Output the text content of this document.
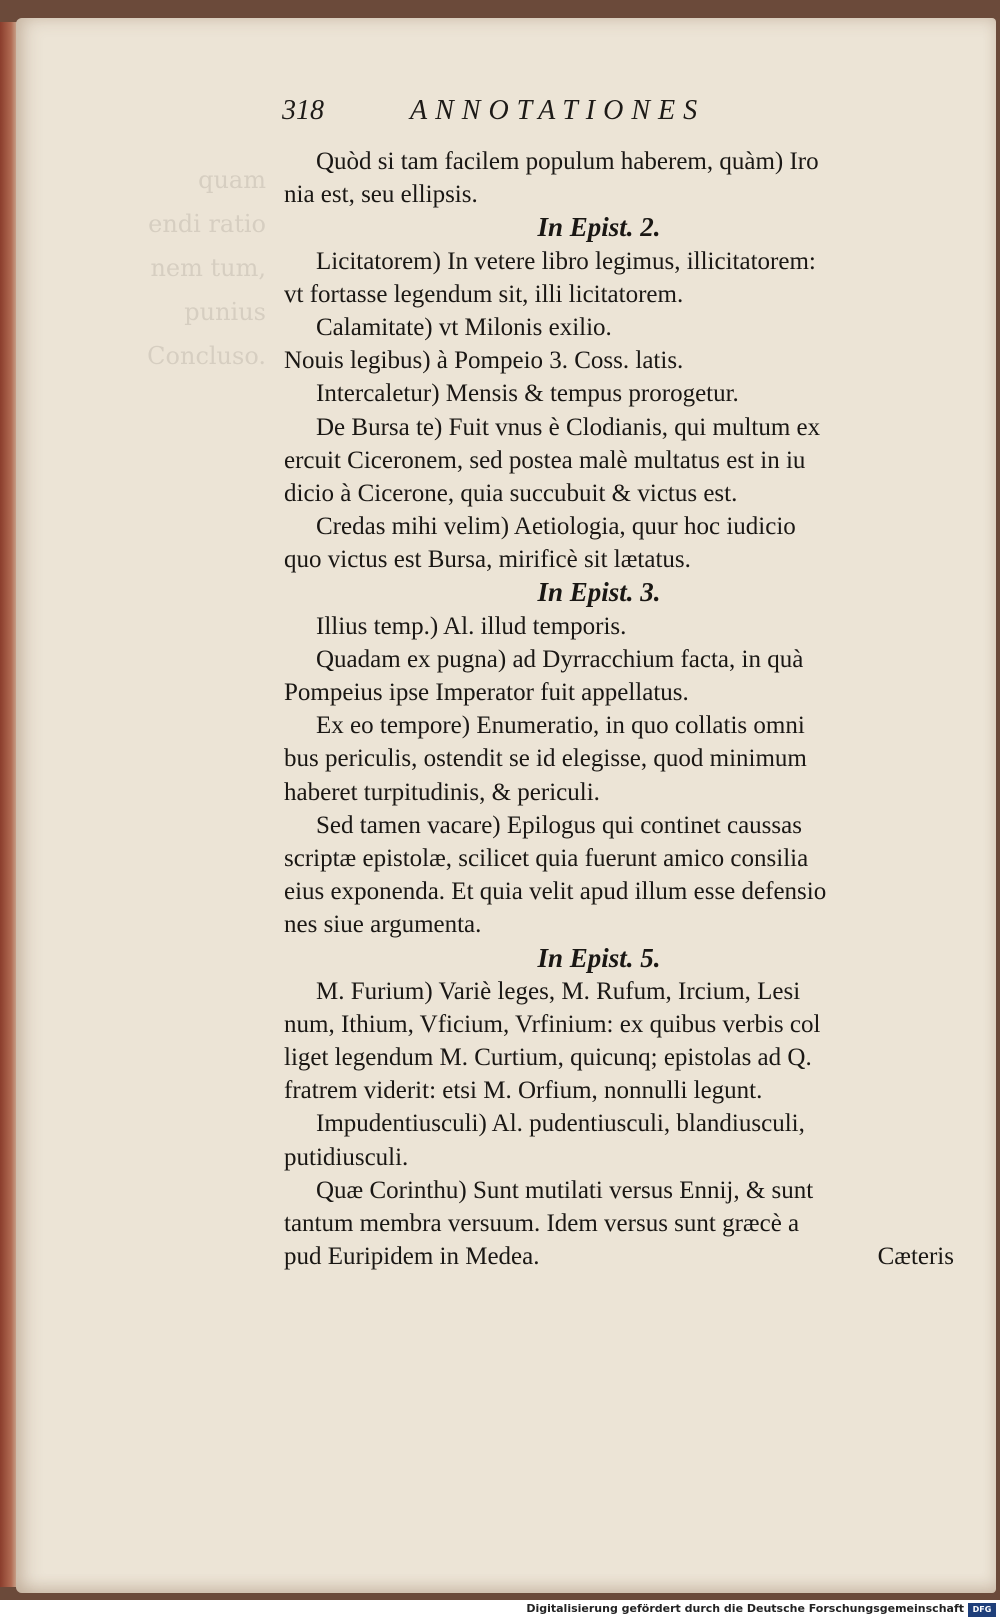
quam
endi ratio
nem tum,
punius
Concluso.
318	ANNOTATIONES
Quòd si tam facilem populum haberem, quàm) Iro
nia est, seu ellipsis.
In Epist. 2.
Licitatorem) In vetere libro legimus, illicitatorem:
vt fortasse legendum sit, illi licitatorem.
Calamitate) vt Milonis exilio.
Nouis legibus) à Pompeio 3. Coss. latis.
Intercaletur) Mensis & tempus prorogetur.
De Bursa te) Fuit vnus è Clodianis, qui multum ex
ercuit Ciceronem, sed postea malè multatus est in iu
dicio à Cicerone, quia succubuit & victus est.
Credas mihi velim) Aetiologia, quur hoc iudicio
quo victus est Bursa, mirificè sit lætatus.
In Epist. 3.
Illius temp.) Al. illud temporis.
Quadam ex pugna) ad Dyrracchium facta, in quà
Pompeius ipse Imperator fuit appellatus.
Ex eo tempore) Enumeratio, in quo collatis omni
bus periculis, ostendit se id elegisse, quod minimum
haberet turpitudinis, & periculi.
Sed tamen vacare) Epilogus qui continet caussas
scriptæ epistolæ, scilicet quia fuerunt amico consilia
eius exponenda. Et quia velit apud illum esse defensio
nes siue argumenta.
In Epist. 5.
M. Furium) Variè leges, M. Rufum, Ircium, Lesi
num, Ithium, Vficium, Vrfinium: ex quibus verbis col
liget legendum M. Curtium, quicunq; epistolas ad Q.
fratrem viderit: etsi M. Orfium, nonnulli legunt.
Impudentiusculi) Al. pudentiusculi, blandiusculi,
putidiusculi.
Quæ Corinthu) Sunt mutilati versus Ennij, & sunt
tantum membra versuum. Idem versus sunt græcè a
pud Euripidem in Medea.	Cæteris
Digitalisierung gefördert durch die Deutsche Forschungsgemeinschaft	DFG
